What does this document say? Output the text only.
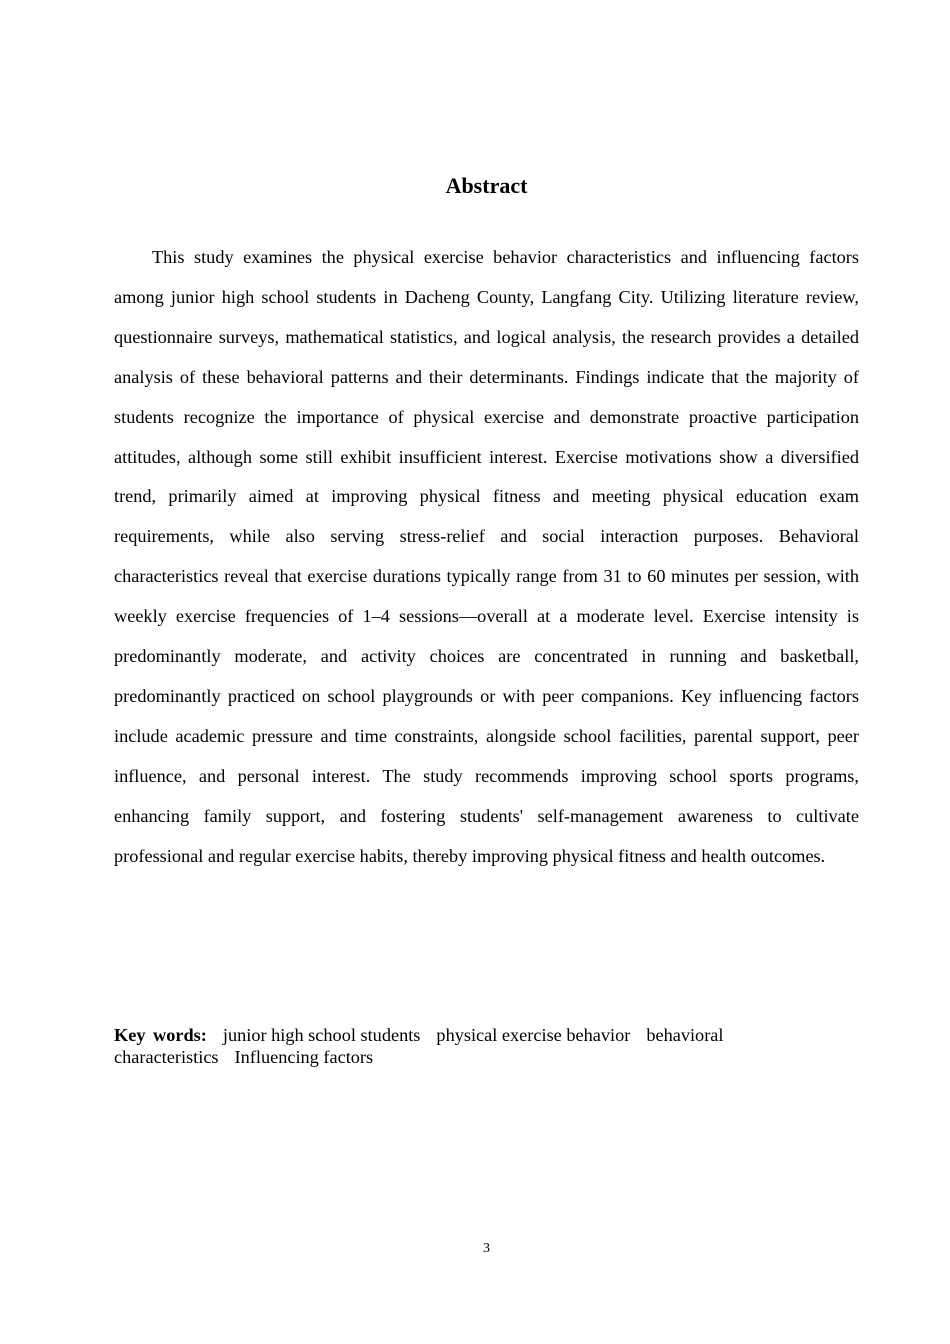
Abstract

This study examines the physical exercise behavior characteristics and influencing factors among junior high school students in Dacheng County, Langfang City. Utilizing literature review, questionnaire surveys, mathematical statistics, and logical analysis, the research provides a detailed analysis of these behavioral patterns and their determinants. Findings indicate that the majority of students recognize the importance of physical exercise and demonstrate proactive participation attitudes, although some still exhibit insufficient interest. Exercise motivations show a diversified trend, primarily aimed at improving physical fitness and meeting physical education exam requirements, while also serving stress-relief and social interaction purposes. Behavioral characteristics reveal that exercise durations typically range from 31 to 60 minutes per session, with weekly exercise frequencies of 1–4 sessions—overall at a moderate level. Exercise intensity is predominantly moderate, and activity choices are concentrated in running and basketball, predominantly practiced on school playgrounds or with peer companions. Key influencing factors include academic pressure and time constraints, alongside school facilities, parental support, peer influence, and personal interest. The study recommends improving school sports programs, enhancing family support, and fostering students' self-management awareness to cultivate professional and regular exercise habits, thereby improving physical fitness and health outcomes.

Key words: junior high school students physical exercise behavior behavioral characteristics Influencing factors

3
